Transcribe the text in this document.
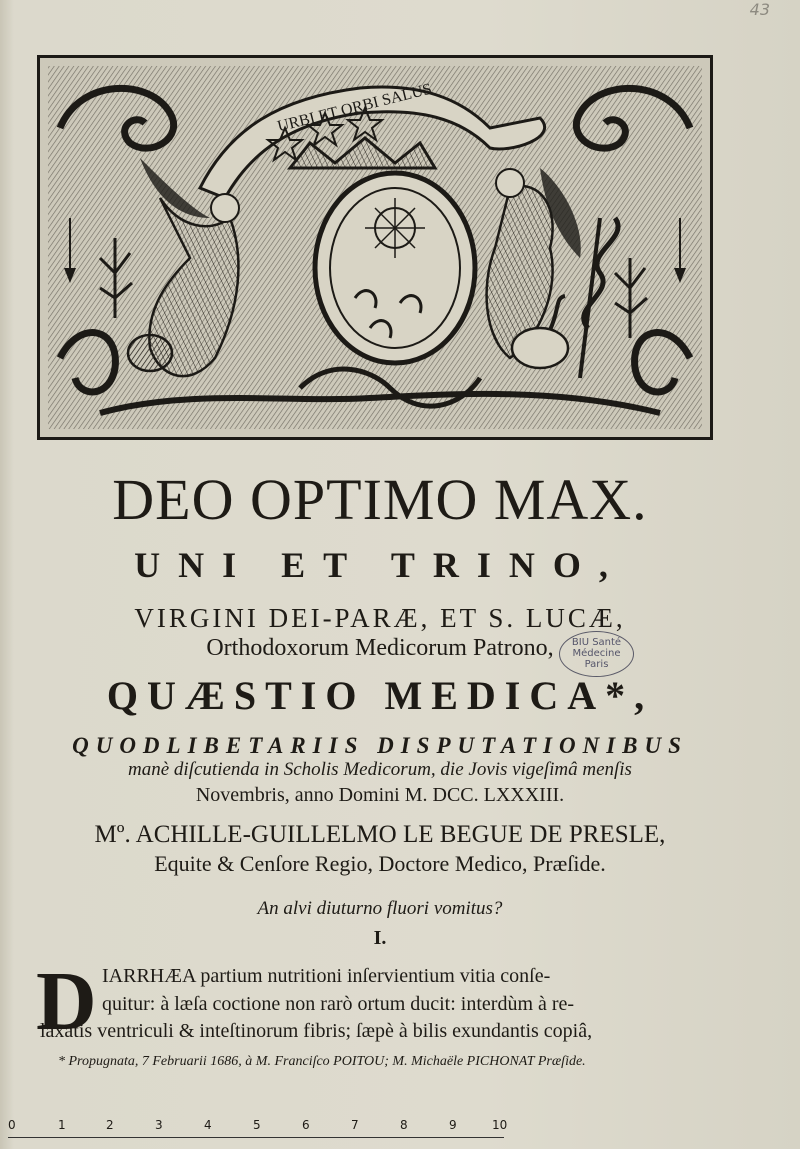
43
URBI ET ORBI SALUS
DEO OPTIMO MAX.
UNI ET TRINO,
VIRGINI DEI-PARÆ, ET S. LUCÆ,
Orthodoxorum Medicorum Patrono,	BIU Santé
Médecine
Paris
QUÆSTIO MEDICA*,
QUODLIBETARIIS DISPUTATIONIBUS
manè diſcutienda in Scholis Medicorum, die Jovis vigeſimâ menſis
Novembris, anno Domini M. DCC. LXXXIII.
Mº. ACHILLE-GUILLELMO LE BEGUE DE PRESLE,
Equite & Cenſore Regio, Doctore Medico, Præſide.
An alvi diuturno fluori vomitus?
I.
D IARRHÆA partium nutritioni inſervientium vitia conſe-
quitur: à læſa coctione non rarò ortum ducit: interdùm à re-
laxatis ventriculi & inteſtinorum fibris; ſæpè à bilis exundantis copiâ,
* Propugnata, 7 Februarii 1686, à M. Franciſco POITOU; M. Michaële PICHONAT Præſide.
0	1	2	3	4	5	6	7	8	9	10
